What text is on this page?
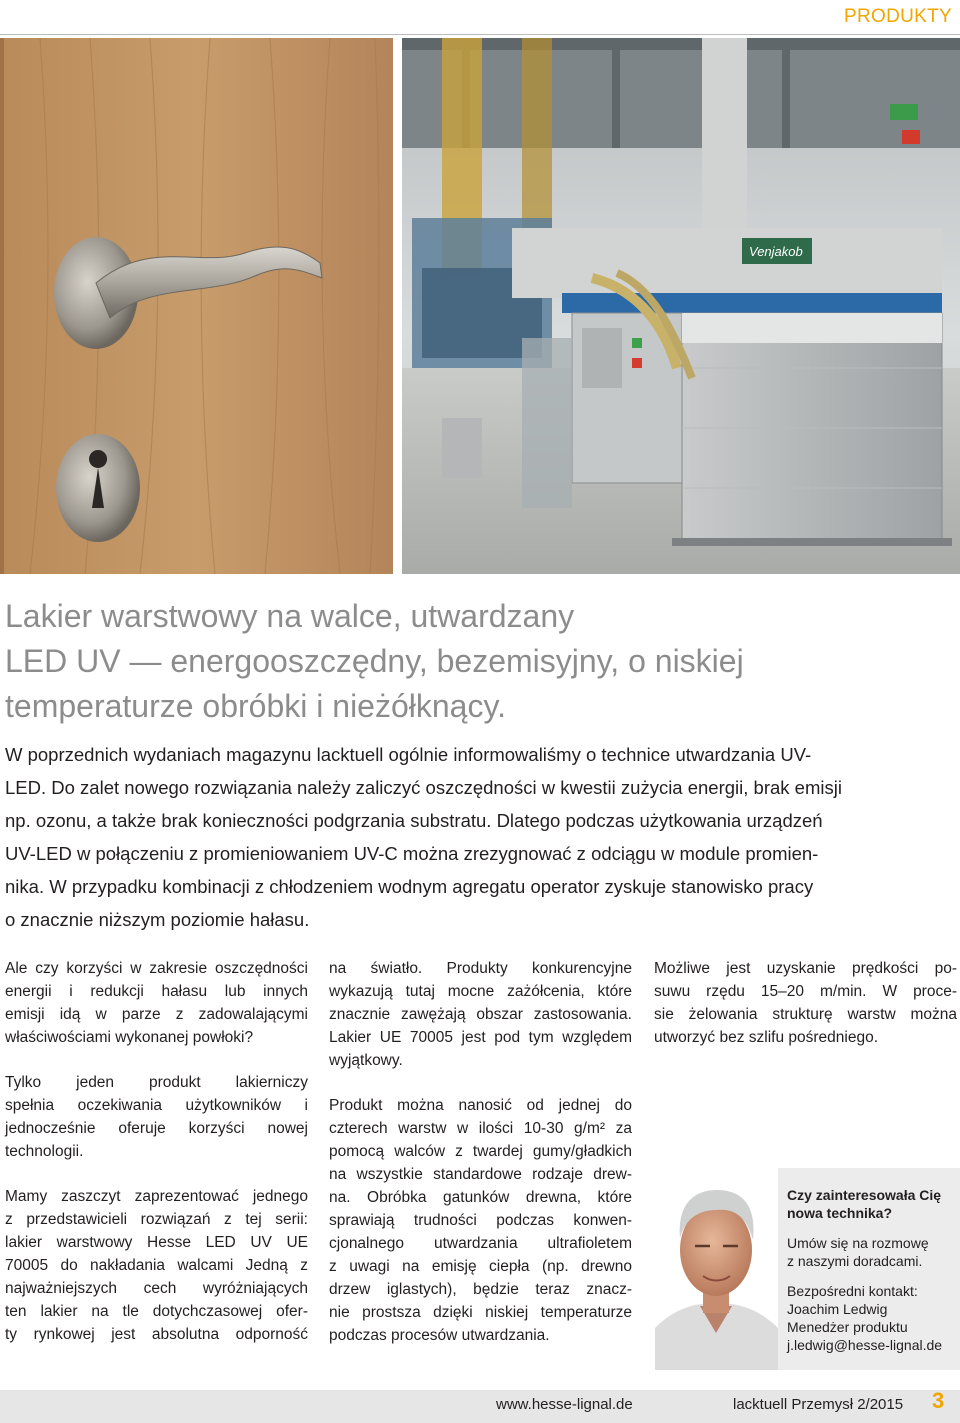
PRODUKTY
Venjakob
Lakier warstwowy na walce, utwardzany
LED UV — energooszczędny, bezemisyjny, o niskiej
temperaturze obróbki i nieżółknący.
W poprzednich wydaniach magazynu lacktuell ogólnie informowaliśmy o technice utwardzania UV-
LED. Do zalet nowego rozwiązania należy zaliczyć oszczędności w kwestii zużycia energii, brak emisji
np. ozonu, a także brak konieczności podgrzania substratu. Dlatego podczas użytkowania urządzeń
UV-LED w połączeniu z promieniowaniem UV-C można zrezygnować z odciągu w module promien-
nika. W przypadku kombinacji z chłodzeniem wodnym agregatu operator zyskuje stanowisko pracy
o znacznie niższym poziomie hałasu.
Ale czy korzyści w zakresie oszczędności
energii i redukcji hałasu lub innych
emisji idą w parze z zadowalającymi
właściwościami wykonanej powłoki?
Tylko jeden produkt lakierniczy
spełnia oczekiwania użytkowników i
jednocześnie oferuje korzyści nowej
technologii.
Mamy zaszczyt zaprezentować jednego
z przedstawicieli rozwiązań z tej serii:
lakier warstwowy Hesse LED UV UE
70005 do nakładania walcami Jedną z
najważniejszych cech wyróżniających
ten lakier na tle dotychczasowej ofer-
ty rynkowej jest absolutna odporność
na światło. Produkty konkurencyjne
wykazują tutaj mocne zażółcenia, które
znacznie zawężają obszar zastosowania.
Lakier UE 70005 jest pod tym względem
wyjątkowy.
Produkt można nanosić od jednej do
czterech warstw w ilości 10-30 g/m² za
pomocą walców z twardej gumy/gładkich
na wszystkie standardowe rodzaje drew-
na. Obróbka gatunków drewna, które
sprawiają trudności podczas konwen-
cjonalnego utwardzania ultrafioletem
z uwagi na emisję ciepła (np. drewno
drzew iglastych), będzie teraz znacz-
nie prostsza dzięki niskiej temperaturze
podczas procesów utwardzania.
Możliwe jest uzyskanie prędkości po-
suwu rzędu 15–20 m/min. W proce-
sie żelowania strukturę warstw można
utworzyć bez szlifu pośredniego.
Czy zainteresowała Cię
nowa technika?
Umów się na rozmowę
z naszymi doradcami.
Bezpośredni kontakt:
Joachim Ledwig
Menedżer produktu
j.ledwig@hesse-lignal.de
www.hesse-lignal.de	lacktuell Przemysł 2/2015 3
